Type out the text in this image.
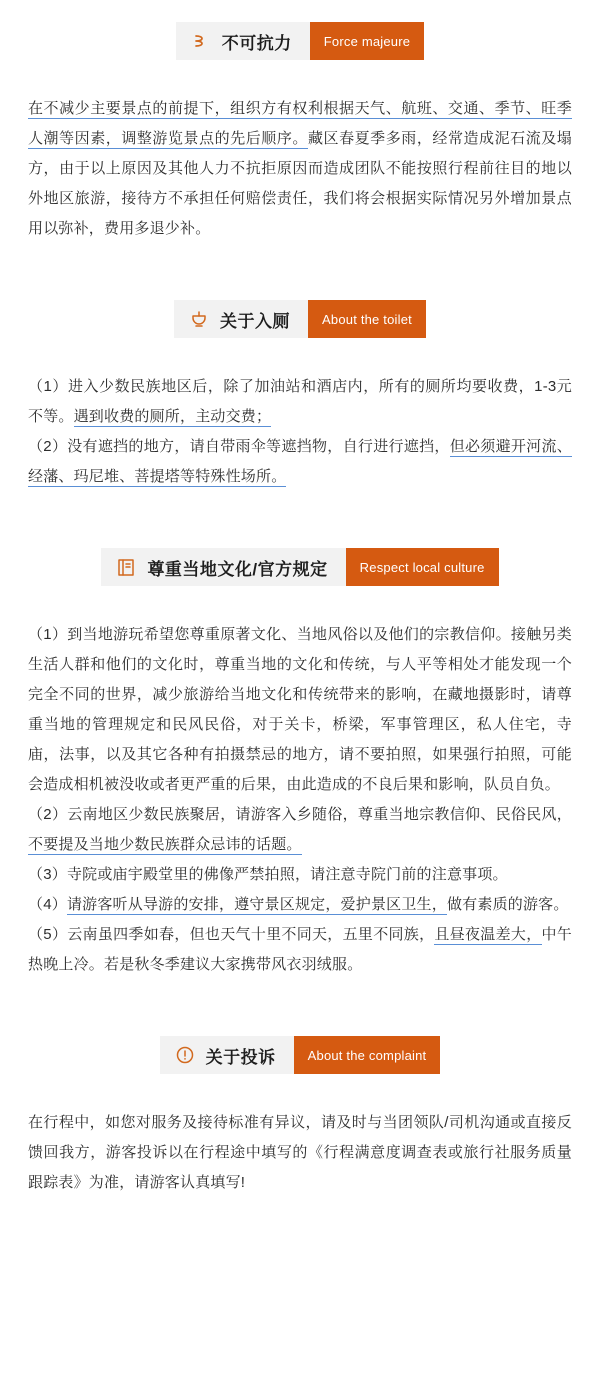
不可抗力	Force majeure

在不减少主要景点的前提下，组织方有权利根据天气、航班、交通、季节、旺季人潮等因素，调整游览景点的先后顺序。藏区春夏季多雨，经常造成泥石流及塌方，由于以上原因及其他人力不抗拒原因而造成团队不能按照行程前往目的地以外地区旅游，接待方不承担任何赔偿责任，我们将会根据实际情况另外增加景点用以弥补，费用多退少补。

关于入厕	About the toilet

（1）进入少数民族地区后，除了加油站和酒店内，所有的厕所均要收费，1-3元不等。遇到收费的厕所，主动交费；

（2）没有遮挡的地方，请自带雨伞等遮挡物，自行进行遮挡，但必须避开河流、经藩、玛尼堆、菩提塔等特殊性场所。

尊重当地文化/官方规定	Respect local culture

（1）到当地游玩希望您尊重原著文化、当地风俗以及他们的宗教信仰。接触另类生活人群和他们的文化时，尊重当地的文化和传统，与人平等相处才能发现一个完全不同的世界，减少旅游给当地文化和传统带来的影响，在藏地摄影时，请尊重当地的管理规定和民风民俗，对于关卡，桥梁，军事管理区，私人住宅，寺庙，法事，以及其它各种有拍摄禁忌的地方，请不要拍照，如果强行拍照，可能会造成相机被没收或者更严重的后果，由此造成的不良后果和影响，队员自负。

（2）云南地区少数民族聚居，请游客入乡随俗，尊重当地宗教信仰、民俗民风，不要提及当地少数民族群众忌讳的话题。

（3）寺院或庙宇殿堂里的佛像严禁拍照，请注意寺院门前的注意事项。

（4）请游客听从导游的安排，遵守景区规定，爱护景区卫生，做有素质的游客。

（5）云南虽四季如春，但也天气十里不同天，五里不同族，且昼夜温差大，中午热晚上冷。若是秋冬季建议大家携带风衣羽绒服。

关于投诉	About the complaint

在行程中，如您对服务及接待标准有异议，请及时与当团领队/司机沟通或直接反馈回我方，游客投诉以在行程途中填写的《行程满意度调查表或旅行社服务质量跟踪表》为准，请游客认真填写!
